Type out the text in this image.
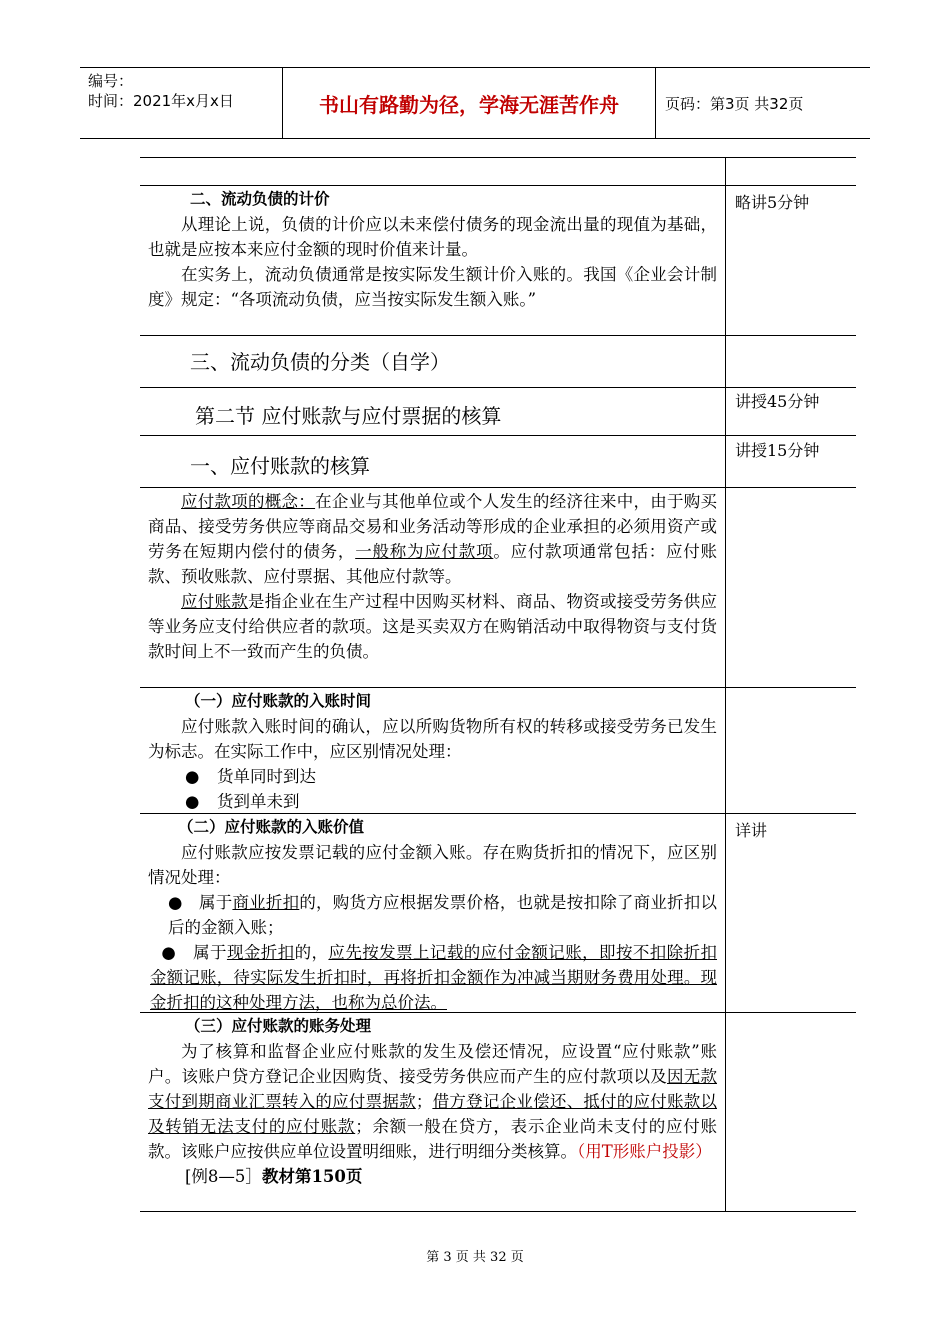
编号：
时间：2021年x月x日	书山有路勤为径，学海无涯苦作舟	页码：第3页 共32页
二、流动负债的计价
从理论上说，负债的计价应以未来偿付债务的现金流出量的现值为基础，也就是应按本来应付金额的现时价值来计量。
在实务上，流动负债通常是按实际发生额计价入账的。我国《企业会计制度》规定：“各项流动负债，应当按实际发生额入账。”
略讲5分钟
三、流动负债的分类（自学）
第二节 应付账款与应付票据的核算
讲授45分钟
一、应付账款的核算
讲授15分钟
应付款项的概念：在企业与其他单位或个人发生的经济往来中，由于购买商品、接受劳务供应等商品交易和业务活动等形成的企业承担的必须用资产或劳务在短期内偿付的债务，一般称为应付款项。应付款项通常包括：应付账款、预收账款、应付票据、其他应付款等。
应付账款是指企业在生产过程中因购买材料、商品、物资或接受劳务供应等业务应支付给供应者的款项。这是买卖双方在购销活动中取得物资与支付货款时间上不一致而产生的负债。
（一）应付账款的入账时间
应付账款入账时间的确认，应以所购货物所有权的转移或接受劳务已发生为标志。在实际工作中，应区别情况处理：
● 货单同时到达
● 货到单未到
（二）应付账款的入账价值
应付账款应按发票记载的应付金额入账。存在购货折扣的情况下，应区别情况处理：
●   属于商业折扣的，购货方应根据发票价格，也就是按扣除了商业折扣以后的金额入账；
●   属于现金折扣的，应先按发票上记载的应付金额记账，即按不扣除折扣金额记账，待实际发生折扣时，再将折扣金额作为冲减当期财务费用处理。现金折扣的这种处理方法，也称为总价法。
详讲
（三）应付账款的账务处理
为了核算和监督企业应付账款的发生及偿还情况，应设置“应付账款”账户。该账户贷方登记企业因购货、接受劳务供应而产生的应付款项以及因无款支付到期商业汇票转入的应付票据款；借方登记企业偿还、抵付的应付账款以及转销无法支付的应付账款；余额一般在贷方，表示企业尚未支付的应付账款。该账户应按供应单位设置明细账，进行明细分类核算。（用T形账户投影）
[例8—5］教材第150页
第 3 页 共 32 页
